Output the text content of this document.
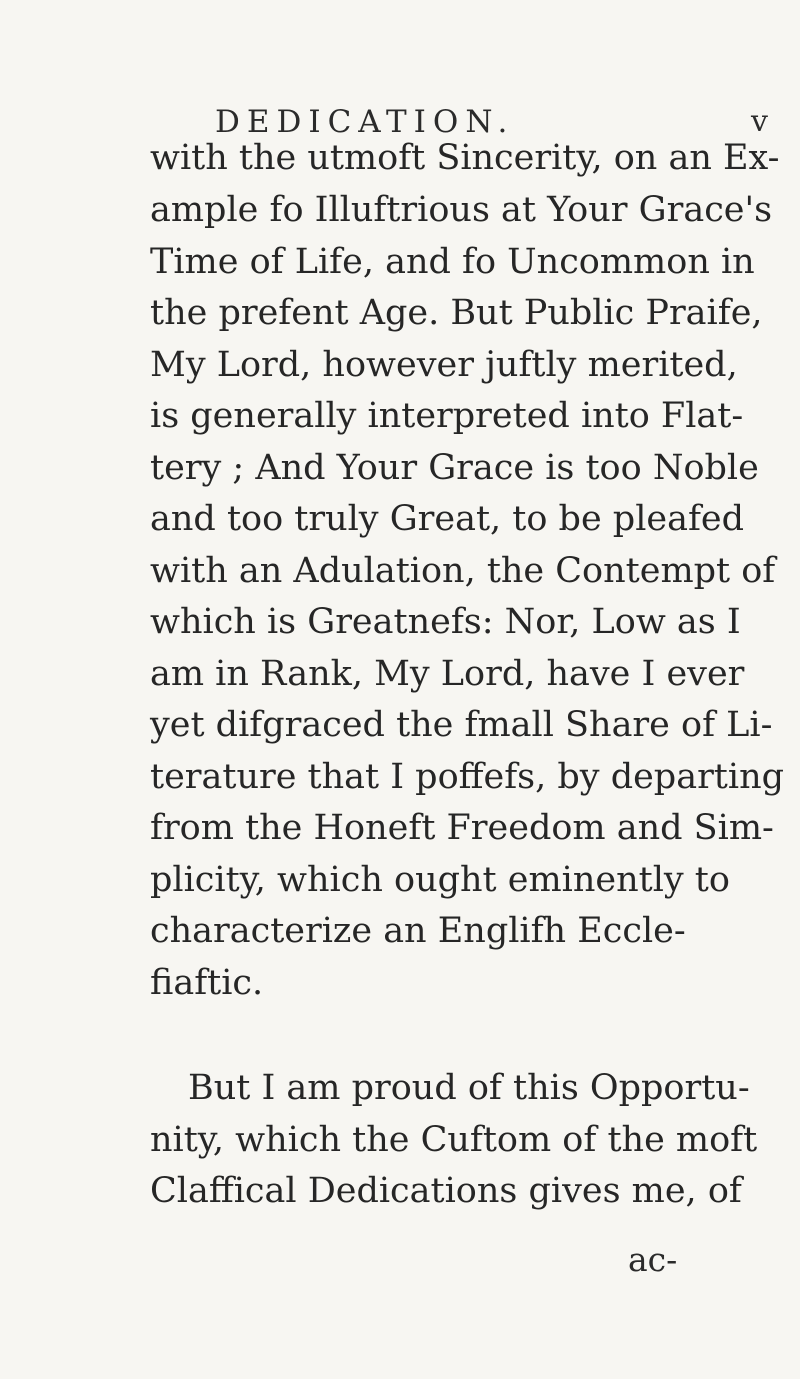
DEDICATION.	v
with the utmoft Sincerity, on an Ex-
ample fo Illuftrious at Your Grace's
Time of Life, and fo Uncommon in
the prefent Age. But Public Praife,
My Lord, however juftly merited,
is generally interpreted into Flat-
tery ; And Your Grace is too Noble
and too truly Great, to be pleafed
with an Adulation, the Contempt of
which is Greatnefs: Nor, Low as I
am in Rank, My Lord, have I ever
yet difgraced the fmall Share of Li-
terature that I poffefs, by departing
from the Honeft Freedom and Sim-
plicity, which ought eminently to
characterize an Englifh Eccle-
fiaftic.
But I am proud of this Opportu-
nity, which the Cuftom of the moft
Claffical Dedications gives me, of
ac-
